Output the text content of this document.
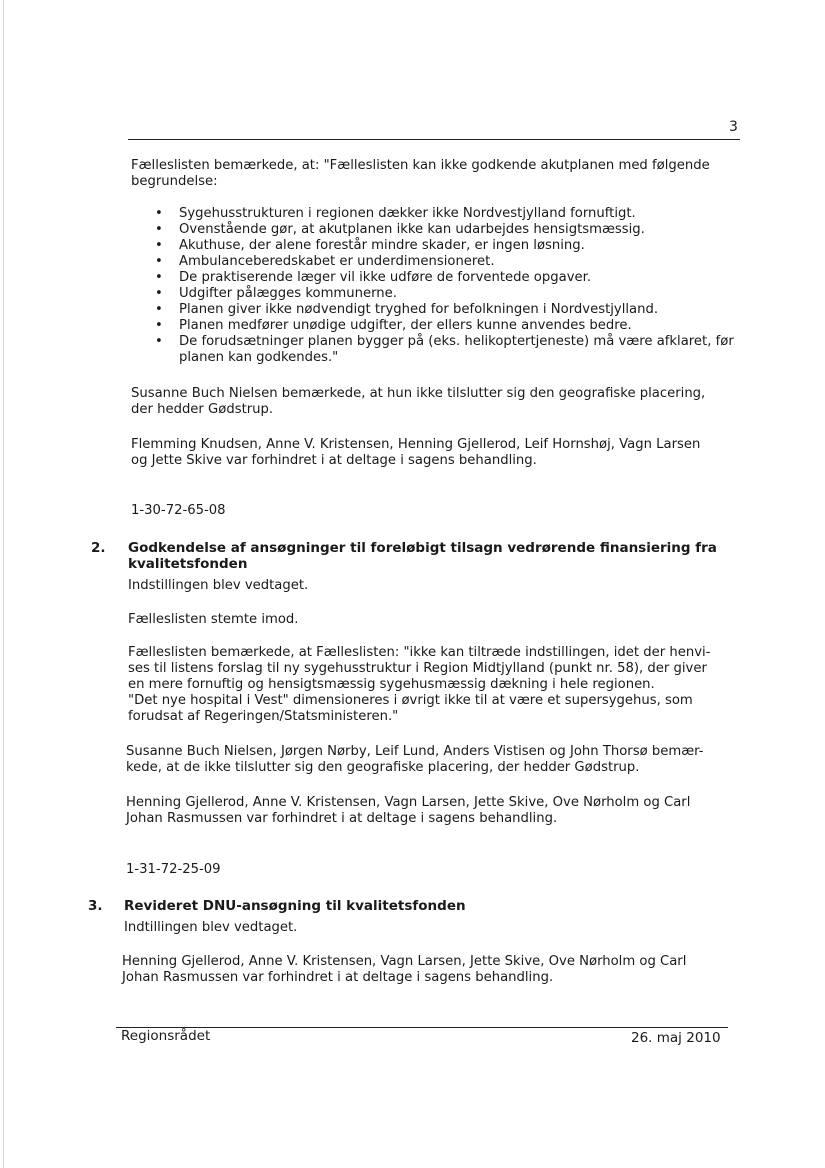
3
Fælleslisten bemærkede, at: "Fælleslisten kan ikke godkende akutplanen med følgende
begrundelse:
• Sygehusstrukturen i regionen dækker ikke Nordvestjylland fornuftigt.
• Ovenstående gør, at akutplanen ikke kan udarbejdes hensigtsmæssig.
• Akuthuse, der alene forestår mindre skader, er ingen løsning.
• Ambulanceberedskabet er underdimensioneret.
• De praktiserende læger vil ikke udføre de forventede opgaver.
• Udgifter pålægges kommunerne.
• Planen giver ikke nødvendigt tryghed for befolkningen i Nordvestjylland.
• Planen medfører unødige udgifter, der ellers kunne anvendes bedre.
• De forudsætninger planen bygger på (eks. helikoptertjeneste) må være afklaret, før planen kan godkendes."
Susanne Buch Nielsen bemærkede, at hun ikke tilslutter sig den geografiske placering,
der hedder Gødstrup.
Flemming Knudsen, Anne V. Kristensen, Henning Gjellerod, Leif Hornshøj, Vagn Larsen
og Jette Skive var forhindret i at deltage i sagens behandling.
1-30-72-65-08
2. Godkendelse af ansøgninger til foreløbigt tilsagn vedrørende finansiering fra
kvalitetsfonden
Indstillingen blev vedtaget.
Fælleslisten stemte imod.
Fælleslisten bemærkede, at Fælleslisten: "ikke kan tiltræde indstillingen, idet der henvi-
ses til listens forslag til ny sygehusstruktur i Region Midtjylland (punkt nr. 58), der giver
en mere fornuftig og hensigtsmæssig sygehusmæssig dækning i hele regionen.
"Det nye hospital i Vest" dimensioneres i øvrigt ikke til at være et supersygehus, som
forudsat af Regeringen/Statsministeren."
Susanne Buch Nielsen, Jørgen Nørby, Leif Lund, Anders Vistisen og John Thorsø bemær-
kede, at de ikke tilslutter sig den geografiske placering, der hedder Gødstrup.
Henning Gjellerod, Anne V. Kristensen, Vagn Larsen, Jette Skive, Ove Nørholm og Carl
Johan Rasmussen var forhindret i at deltage i sagens behandling.
1-31-72-25-09
3. Revideret DNU-ansøgning til kvalitetsfonden
Indtillingen blev vedtaget.
Henning Gjellerod, Anne V. Kristensen, Vagn Larsen, Jette Skive, Ove Nørholm og Carl
Johan Rasmussen var forhindret i at deltage i sagens behandling.
Regionsrådet	26. maj 2010
